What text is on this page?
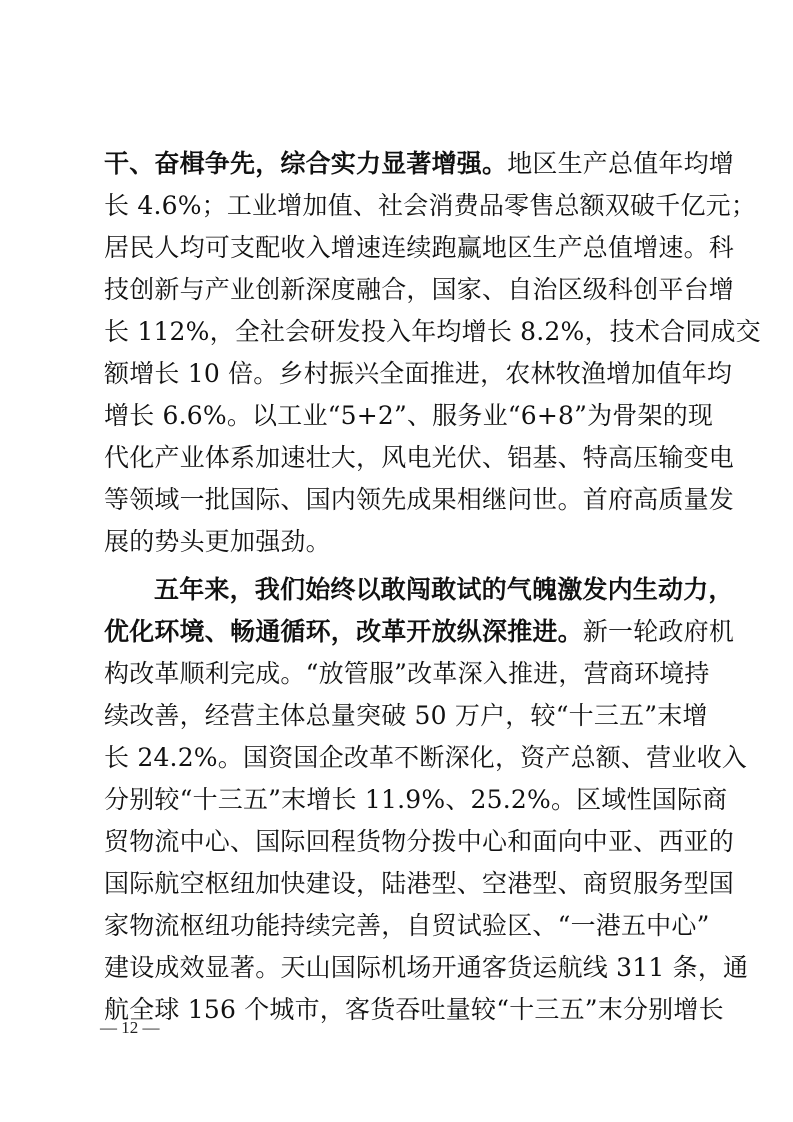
干、奋楫争先，综合实力显著增强。地区生产总值年均增
长 4.6%；工业增加值、社会消费品零售总额双破千亿元；
居民人均可支配收入增速连续跑赢地区生产总值增速。科
技创新与产业创新深度融合，国家、自治区级科创平台增
长 112%，全社会研发投入年均增长 8.2%，技术合同成交
额增长 10 倍。乡村振兴全面推进，农林牧渔增加值年均
增长 6.6%。以工业“5+2”、服务业“6+8”为骨架的现
代化产业体系加速壮大，风电光伏、铝基、特高压输变电
等领域一批国际、国内领先成果相继问世。首府高质量发
展的势头更加强劲。
五年来，我们始终以敢闯敢试的气魄激发内生动力，
优化环境、畅通循环，改革开放纵深推进。新一轮政府机
构改革顺利完成。“放管服”改革深入推进，营商环境持
续改善，经营主体总量突破 50 万户，较“十三五”末增
长 24.2%。国资国企改革不断深化，资产总额、营业收入
分别较“十三五”末增长 11.9%、25.2%。区域性国际商
贸物流中心、国际回程货物分拨中心和面向中亚、西亚的
国际航空枢纽加快建设，陆港型、空港型、商贸服务型国
家物流枢纽功能持续完善，自贸试验区、“一港五中心”
建设成效显著。天山国际机场开通客货运航线 311 条，通
航全球 156 个城市，客货吞吐量较“十三五”末分别增长
— 12 —
